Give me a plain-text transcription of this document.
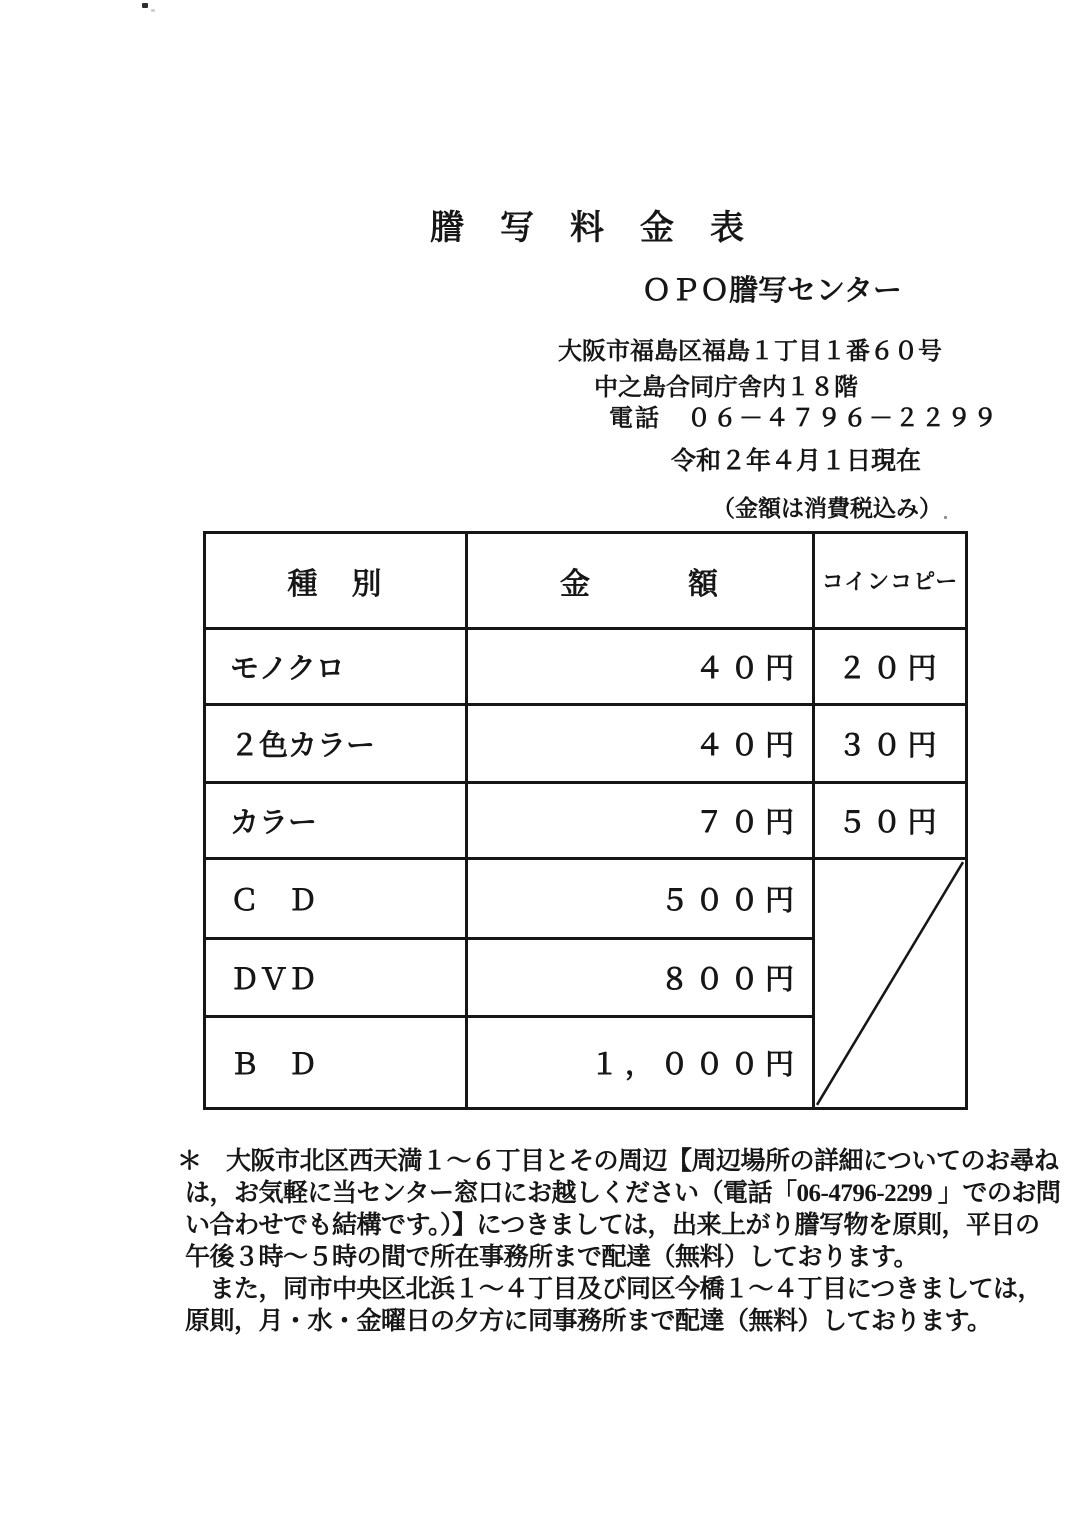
謄　写　料　金　表
ＯＰＯ謄写センター
大阪市福島区福島１丁目１番６０号
中之島合同庁舎内１８階
電話　０６－４７９６－２２９９
令和２年４月１日現在
（金額は消費税込み）
種　別	金　　　額	コインコピー
モノクロ	４０円	２０円
２色カラー	４０円	３０円
カラー	７０円	５０円
Ｃ　Ｄ	５００円
ＤＶＤ	８００円
Ｂ　Ｄ	１，０００円
＊　大阪市北区西天満１～６丁目とその周辺【周辺場所の詳細についてのお尋ね
は，お気軽に当センター窓口にお越しください（電話「06-4796-2299 」でのお問
い合わせでも結構です。）】につきましては，出来上がり謄写物を原則，平日の
午後３時～５時の間で所在事務所まで配達（無料）しております。
　また，同市中央区北浜１～４丁目及び同区今橋１～４丁目につきましては，
原則，月・水・金曜日の夕方に同事務所まで配達（無料）しております。
